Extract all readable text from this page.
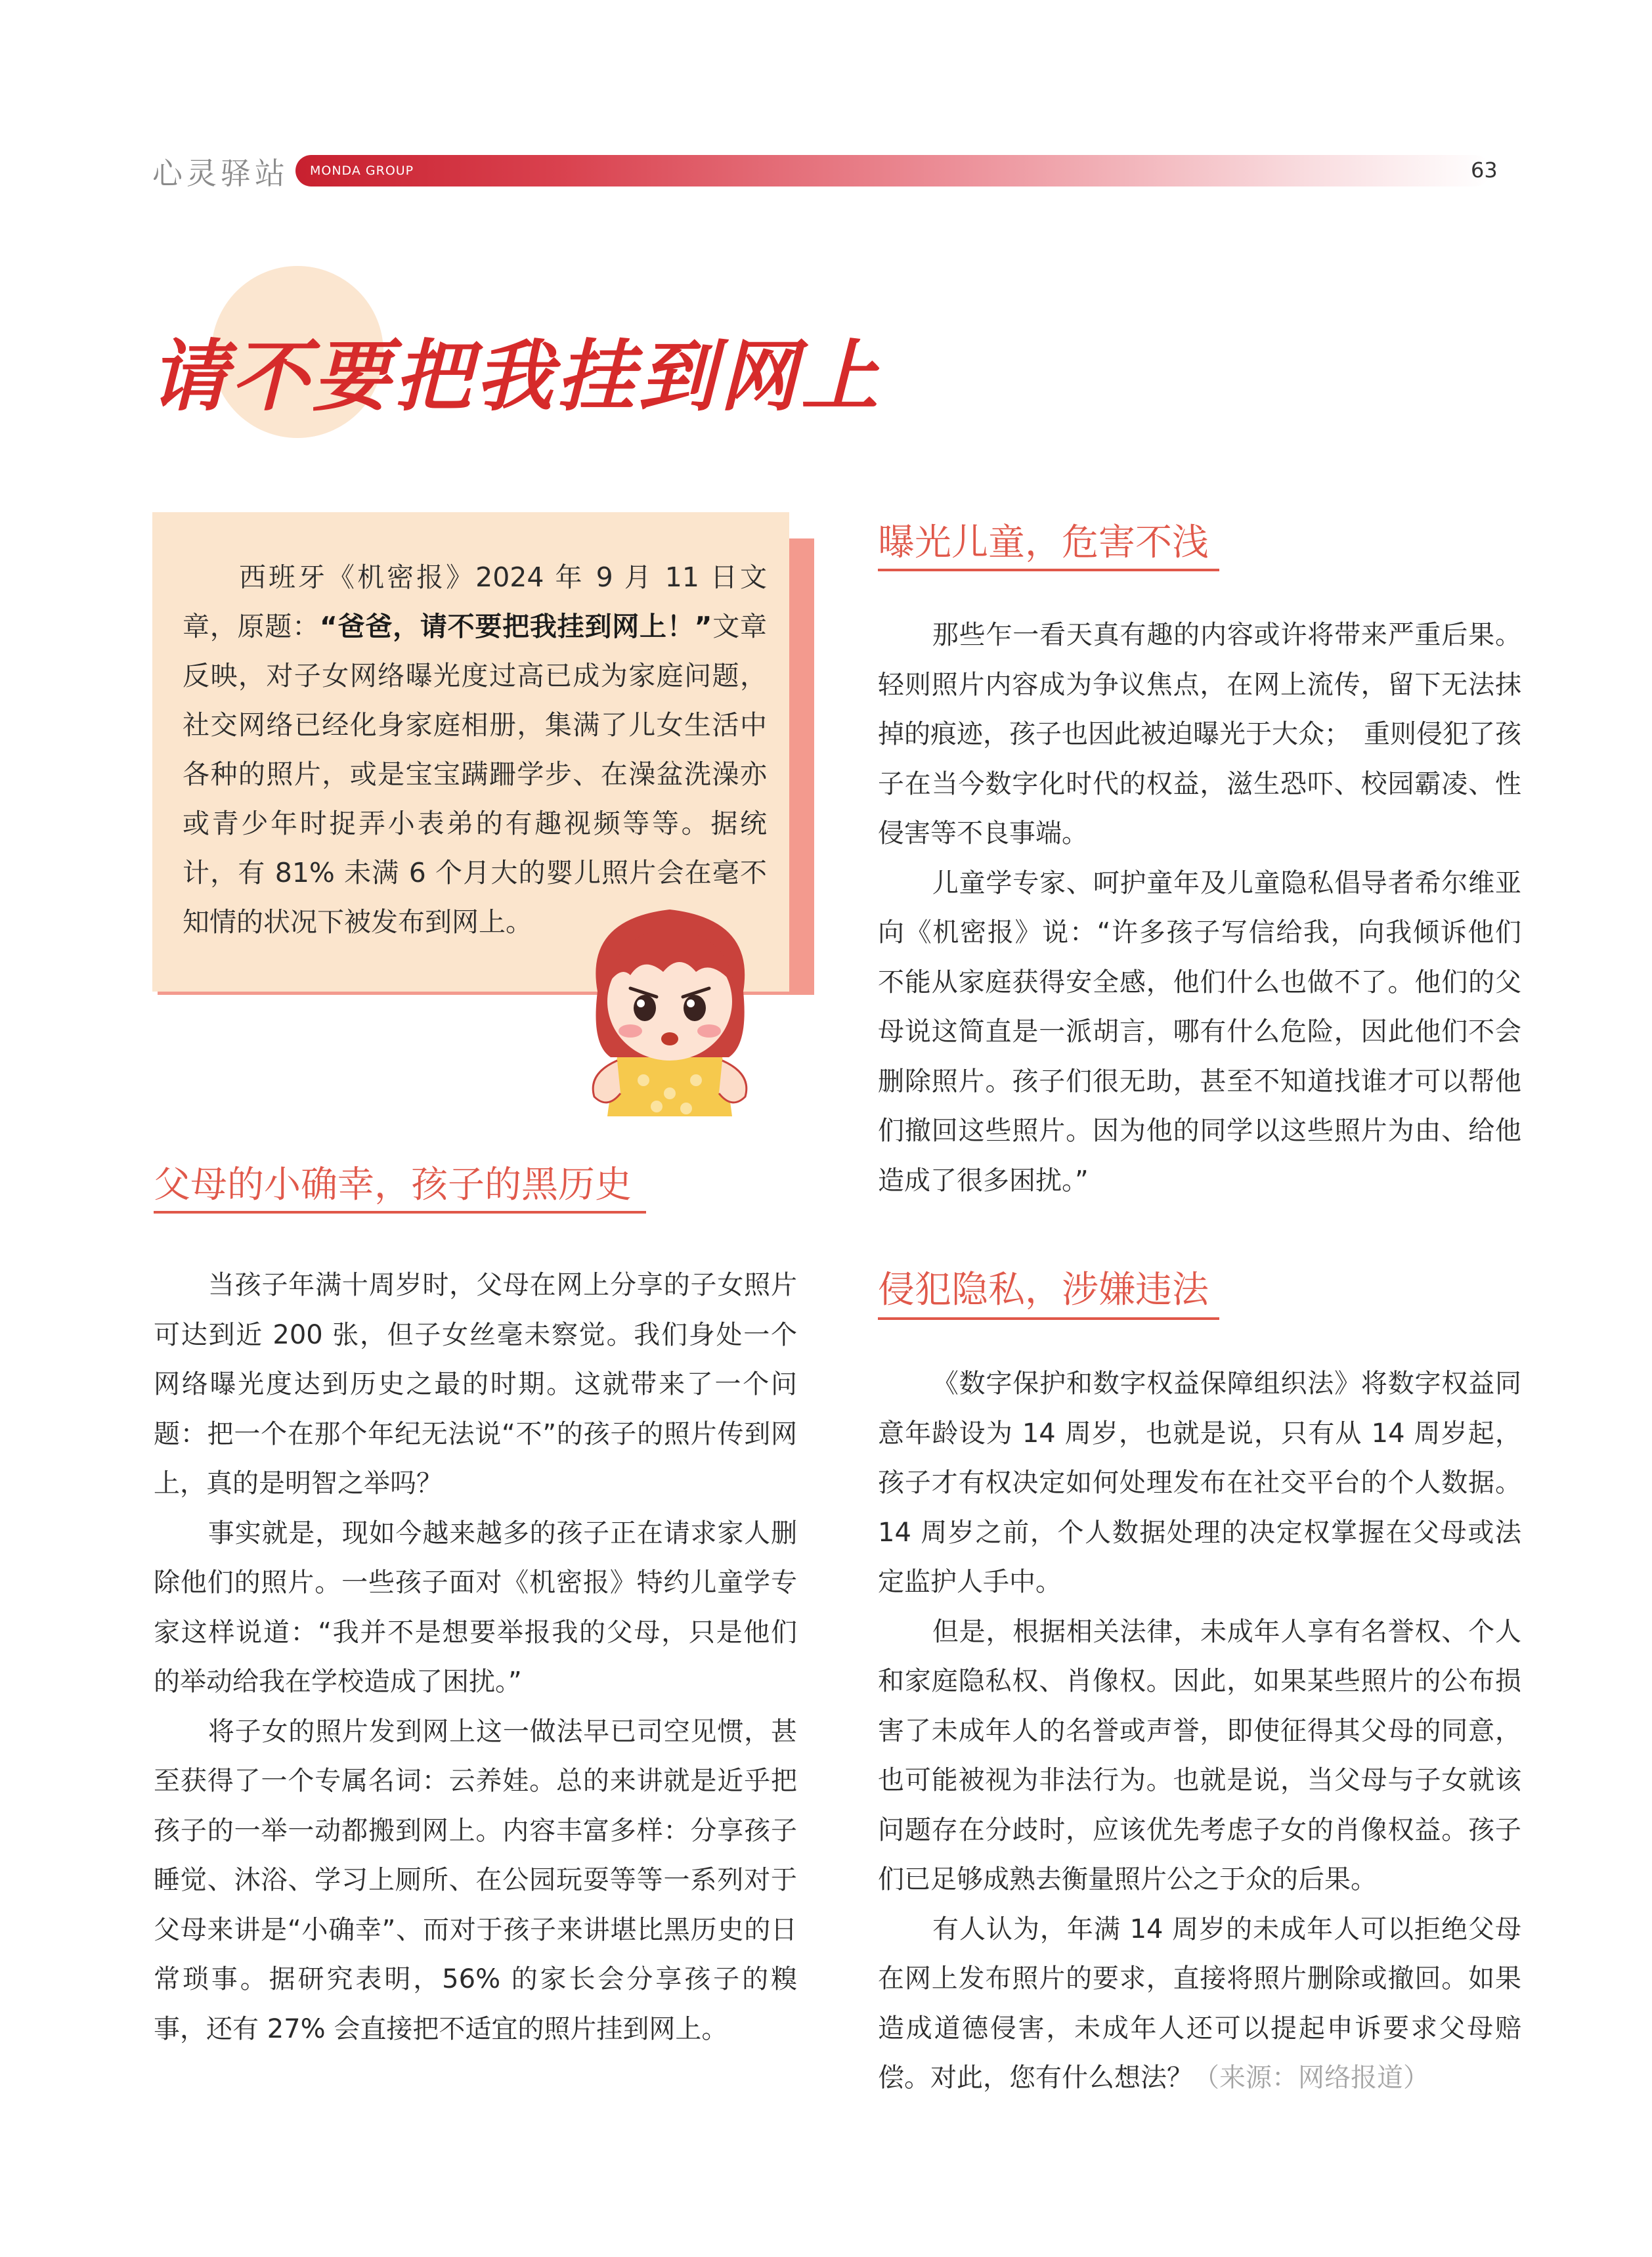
心灵驿站 MONDA GROUP	63
请不要把我挂到网上

西班牙《机密报》2024 年 9 月 11 日文章，原题：“爸爸，请不要把我挂到网上！”文章反映，对子女网络曝光度过高已成为家庭问题，社交网络已经化身家庭相册，集满了儿女生活中各种的照片，或是宝宝蹒跚学步、在澡盆洗澡亦或青少年时捉弄小表弟的有趣视频等等。据统计，有 81% 未满 6 个月大的婴儿照片会在毫不知情的状况下被发布到网上。

父母的小确幸，孩子的黑历史
当孩子年满十周岁时，父母在网上分享的子女照片可达到近 200 张，但子女丝毫未察觉。我们身处一个网络曝光度达到历史之最的时期。这就带来了一个问题：把一个在那个年纪无法说“不”的孩子的照片传到网上，真的是明智之举吗？
事实就是，现如今越来越多的孩子正在请求家人删除他们的照片。一些孩子面对《机密报》特约儿童学专家这样说道：“我并不是想要举报我的父母，只是他们的举动给我在学校造成了困扰。”
将子女的照片发到网上这一做法早已司空见惯，甚至获得了一个专属名词：云养娃。总的来讲就是近乎把孩子的一举一动都搬到网上。内容丰富多样：分享孩子睡觉、沐浴、学习上厕所、在公园玩耍等等一系列对于父母来讲是“小确幸”、而对于孩子来讲堪比黑历史的日常琐事。据研究表明，56% 的家长会分享孩子的糗事，还有 27% 会直接把不适宜的照片挂到网上。
曝光儿童，危害不浅
那些乍一看天真有趣的内容或许将带来严重后果。轻则照片内容成为争议焦点，在网上流传，留下无法抹掉的痕迹，孩子也因此被迫曝光于大众；　重则侵犯了孩子在当今数字化时代的权益，滋生恐吓、校园霸凌、性侵害等不良事端。
儿童学专家、呵护童年及儿童隐私倡导者希尔维亚向《机密报》说：“许多孩子写信给我，向我倾诉他们不能从家庭获得安全感，他们什么也做不了。他们的父母说这简直是一派胡言，哪有什么危险，因此他们不会删除照片。孩子们很无助，甚至不知道找谁才可以帮他们撤回这些照片。因为他的同学以这些照片为由、给他造成了很多困扰。”
侵犯隐私，涉嫌违法
《数字保护和数字权益保障组织法》将数字权益同意年龄设为 14 周岁，也就是说，只有从 14 周岁起，孩子才有权决定如何处理发布在社交平台的个人数据。14 周岁之前，个人数据处理的决定权掌握在父母或法定监护人手中。
但是，根据相关法律，未成年人享有名誉权、个人和家庭隐私权、肖像权。因此，如果某些照片的公布损害了未成年人的名誉或声誉，即使征得其父母的同意，也可能被视为非法行为。也就是说，当父母与子女就该问题存在分歧时，应该优先考虑子女的肖像权益。孩子们已足够成熟去衡量照片公之于众的后果。
有人认为，年满 14 周岁的未成年人可以拒绝父母在网上发布照片的要求，直接将照片删除或撤回。如果造成道德侵害，未成年人还可以提起申诉要求父母赔偿。对此，您有什么想法？（来源：网络报道）
